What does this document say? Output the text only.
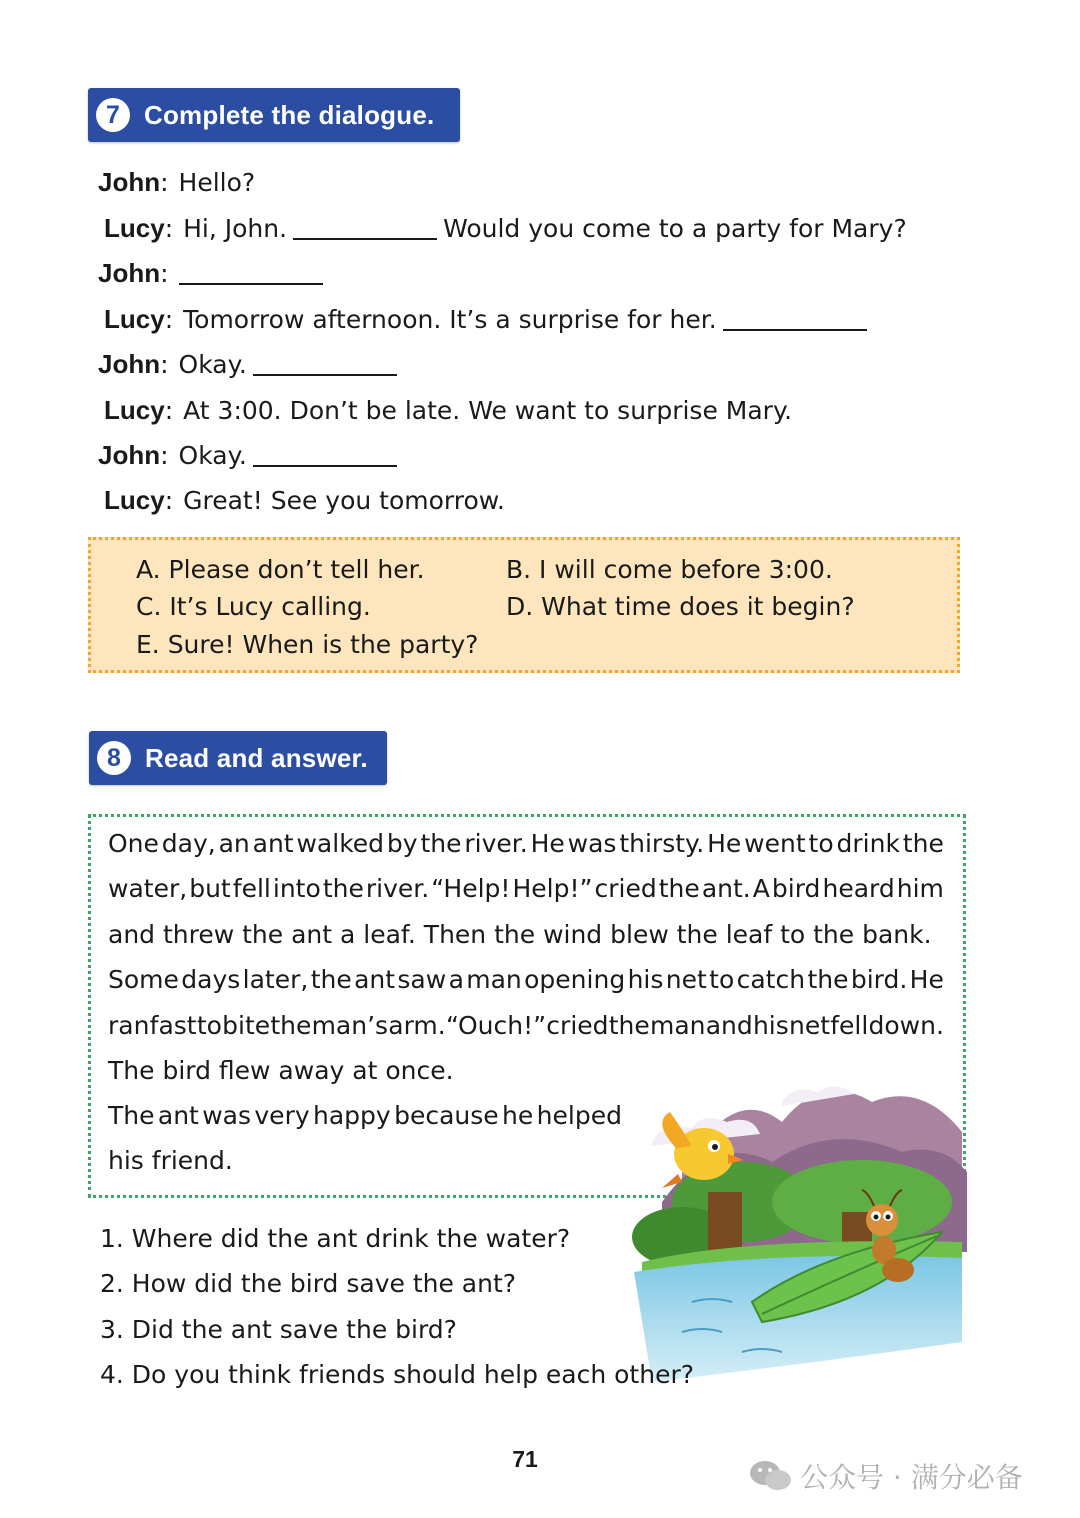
7 Complete the dialogue.
John : Hello?
Lucy : Hi, John.	Would you come to a party for Mary?
John :
Lucy : Tomorrow afternoon. It’s a surprise for her.
John : Okay.
Lucy : At 3:00. Don’t be late. We want to surprise Mary.
John : Okay.
Lucy : Great! See you tomorrow.
A. Please don’t tell her.	B. I will come before 3:00.
C. It’s Lucy calling.	D. What time does it begin?
E. Sure! When is the party?
8 Read and answer.
One day, an ant walked by the river. He was thirsty. He went to drink the
water, but fell into the river. “Help! Help!” cried the ant. A bird heard him
and threw the ant a leaf. Then the wind blew the leaf to the bank.
Some days later, the ant saw a man opening his net to catch the bird. He
ran fast to bite the man’s arm. “Ouch!” cried the man and his net fell down.
The bird flew away at once.
The ant was very happy because he helped
his friend.
1. Where did the ant drink the water?
2. How did the bird save the ant?
3. Did the ant save the bird?
4. Do you think friends should help each other?
71
公众号 · 满分必备
